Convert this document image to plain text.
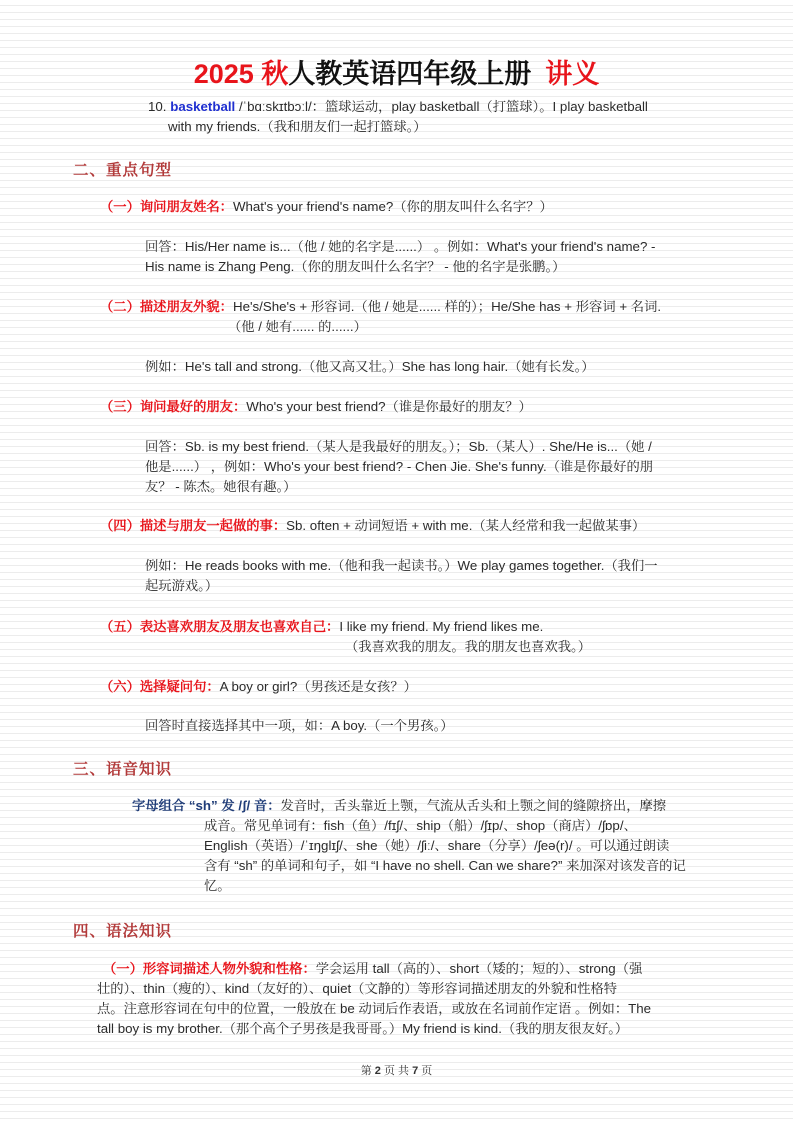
2025 秋人教英语四年级上册 讲义
10. basketball /ˈbɑːskɪtbɔːl/：篮球运动，play basketball（打篮球）。I play basketball
with my friends.（我和朋友们一起打篮球。）
二、重点句型
（一）询问朋友姓名：What's your friend's name?（你的朋友叫什么名字？）
回答：His/Her name is...（他 / 她的名字是......） 。例如：What's your friend's name? -
His name is Zhang Peng.（你的朋友叫什么名字？ - 他的名字是张鹏。）
（二）描述朋友外貌：He's/She's + 形容词.（他 / 她是...... 样的）；He/She has + 形容词 + 名词.
（他 / 她有...... 的......）
例如：He's tall and strong.（他又高又壮。）She has long hair.（她有长发。）
（三）询问最好的朋友：Who's your best friend?（谁是你最好的朋友？）
回答：Sb. is my best friend.（某人是我最好的朋友。）；Sb.（某人）. She/He is...（她 /
他是......） ，例如：Who's your best friend? - Chen Jie. She's funny.（谁是你最好的朋
友？ - 陈杰。她很有趣。）
（四）描述与朋友一起做的事：Sb. often + 动词短语 + with me.（某人经常和我一起做某事）
例如：He reads books with me.（他和我一起读书。）We play games together.（我们一
起玩游戏。）
（五）表达喜欢朋友及朋友也喜欢自己：I like my friend. My friend likes me.
（我喜欢我的朋友。我的朋友也喜欢我。）
（六）选择疑问句：A boy or girl?（男孩还是女孩？）
回答时直接选择其中一项，如：A boy.（一个男孩。）
三、语音知识
字母组合 “sh” 发 /ʃ/ 音：发音时，舌头靠近上颚，气流从舌头和上颚之间的缝隙挤出，摩擦
成音。常见单词有：fish（鱼）/fɪʃ/、ship（船）/ʃɪp/、shop（商店）/ʃɒp/、
English（英语）/ˈɪŋglɪʃ/、she（她）/ʃiː/、share（分享）/ʃeə(r)/ 。可以通过朗读
含有 “sh” 的单词和句子，如 “I have no shell. Can we share?” 来加深对该发音的记
忆。
四、语法知识
（一）形容词描述人物外貌和性格：学会运用 tall（高的）、short（矮的；短的）、strong（强
壮的）、thin（瘦的）、kind（友好的）、quiet（文静的）等形容词描述朋友的外貌和性格特
点。注意形容词在句中的位置，一般放在 be 动词后作表语，或放在名词前作定语 。例如：The
tall boy is my brother.（那个高个子男孩是我哥哥。）My friend is kind.（我的朋友很友好。）
第 2 页 共 7 页
